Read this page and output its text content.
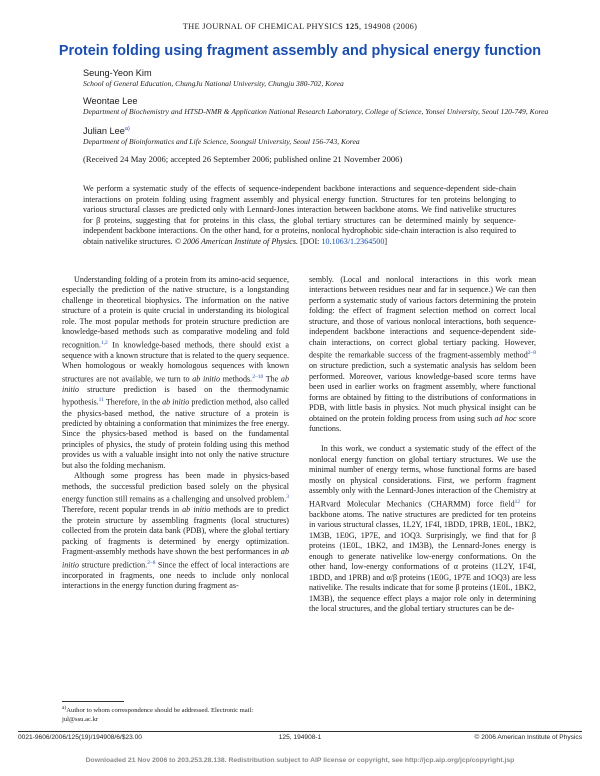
THE JOURNAL OF CHEMICAL PHYSICS 125, 194908 (2006)
Protein folding using fragment assembly and physical energy function

Seung-Yeon Kim

School of General Education, ChungJu National University, Chungju 380-702, Korea

Weontae Lee

Department of Biochemistry and HTSD-NMR & Application National Research Laboratory, College of Science, Yonsei University, Seoul 120-749, Korea

Julian Lee$^{a)}$

Department of Bioinformatics and Life Science, Soongsil University, Seoul 156-743, Korea

(Received 24 May 2006; accepted 26 September 2006; published online 21 November 2006)

We perform a systematic study of the effects of sequence-independent backbone interactions and sequence-dependent side-chain interactions on protein folding using fragment assembly and physical energy function. Structures for ten proteins belonging to various structural classes are predicted only with Lennard-Jones interaction between backbone atoms. We find nativelike structures for β proteins, suggesting that for proteins in this class, the global tertiary structures can be determined mainly by sequence-independent backbone interactions. On the other hand, for α proteins, nonlocal hydrophobic side-chain interaction is also required to obtain nativelike structures. © 2006 American Institute of Physics. [DOI: 10.1063/1.2364500]

Understanding folding of a protein from its amino-acid sequence, especially the prediction of the native structure, is a longstanding challenge in theoretical biophysics. The information on the native structure of a protein is quite crucial in understanding its biological role. The most popular methods for protein structure prediction are knowledge-based methods such as comparative modeling and fold recognition.$^{1,2}$ In knowledge-based methods, there should exist a sequence with a known structure that is related to the query sequence. When homologous or weakly homologous sequences with known structures are not available, we turn to ab initio methods.$^{2-10}$ The ab initio structure prediction is based on the thermodynamic hypothesis.$^{11}$ Therefore, in the ab initio prediction method, also called the physics-based method, the native structure of a protein is predicted by obtaining a conformation that minimizes the free energy. Since the physics-based method is based on the fundamental principles of physics, the study of protein folding using this method provides us with a valuable insight into not only the native structure but also the folding mechanism.

Although some progress has been made in physics-based methods, the successful prediction based solely on the physical energy function still remains as a challenging and unsolved problem.$^3$ Therefore, recent popular trends in ab initio methods are to predict the protein structure by assembling fragments (local structures) collected from the protein data bank (PDB), where the global tertiary packing of fragments is determined by energy optimization. Fragment-assembly methods have shown the best performances in ab initio structure prediction.$^{2-8}$ Since the effect of local interactions are incorporated in fragments, one needs to include only nonlocal interactions in the energy function during fragment as-

sembly. (Local and nonlocal interactions in this work mean interactions between residues near and far in sequence.) We can then perform a systematic study of various factors determining the protein folding: the effect of fragment selection method on correct local structure, and those of various nonlocal interactions, both sequence-independent backbone interactions and sequence-dependent side-chain interactions, on correct global tertiary packing. However, despite the remarkable success of the fragment-assembly method$^{2-8}$ on structure prediction, such a systematic analysis has seldom been performed. Moreover, various knowledge-based score terms have been used in earlier works on fragment assembly, where functional forms are obtained by fitting to the distributions of conformations in PDB, with little basis in physics. Not much physical insight can be obtained on the protein folding process from using such ad hoc score functions.

In this work, we conduct a systematic study of the effect of the nonlocal energy function on global tertiary structures. We use the minimal number of energy terms, whose functional forms are based mostly on physical considerations. First, we perform fragment assembly only with the Lennard-Jones interaction of the Chemistry at HARvard Molecular Mechanics (CHARMM) force field$^{12}$ for backbone atoms. The native structures are predicted for ten proteins in various structural classes, 1L2Y, 1F4I, 1BDD, 1PRB, 1E0L, 1BK2, 1M3B, 1E0G, 1P7E, and 1OQ3. Surprisingly, we find that for β proteins (1E0L, 1BK2, and 1M3B), the Lennard-Jones energy is enough to generate nativelike low-energy conformations. On the other hand, low-energy conformations of α proteins (1L2Y, 1F4I, 1BDD, and 1PRB) and α/β proteins (1E0G, 1P7E and 1OQ3) are less nativelike. The results indicate that for some β proteins (1E0L, 1BK2, 1M3B), the sequence effect plays a major role only in determining the local structures, and the global tertiary structures can be de-

$^{a)}$Author to whom correspondence should be addressed. Electronic mail: jul@ssu.ac.kr

0021-9606/2006/125(19)/194908/6/$23.00	125, 194908-1	© 2006 American Institute of Physics
Downloaded 21 Nov 2006 to 203.253.28.138. Redistribution subject to AIP license or copyright, see http://jcp.aip.org/jcp/copyright.jsp
